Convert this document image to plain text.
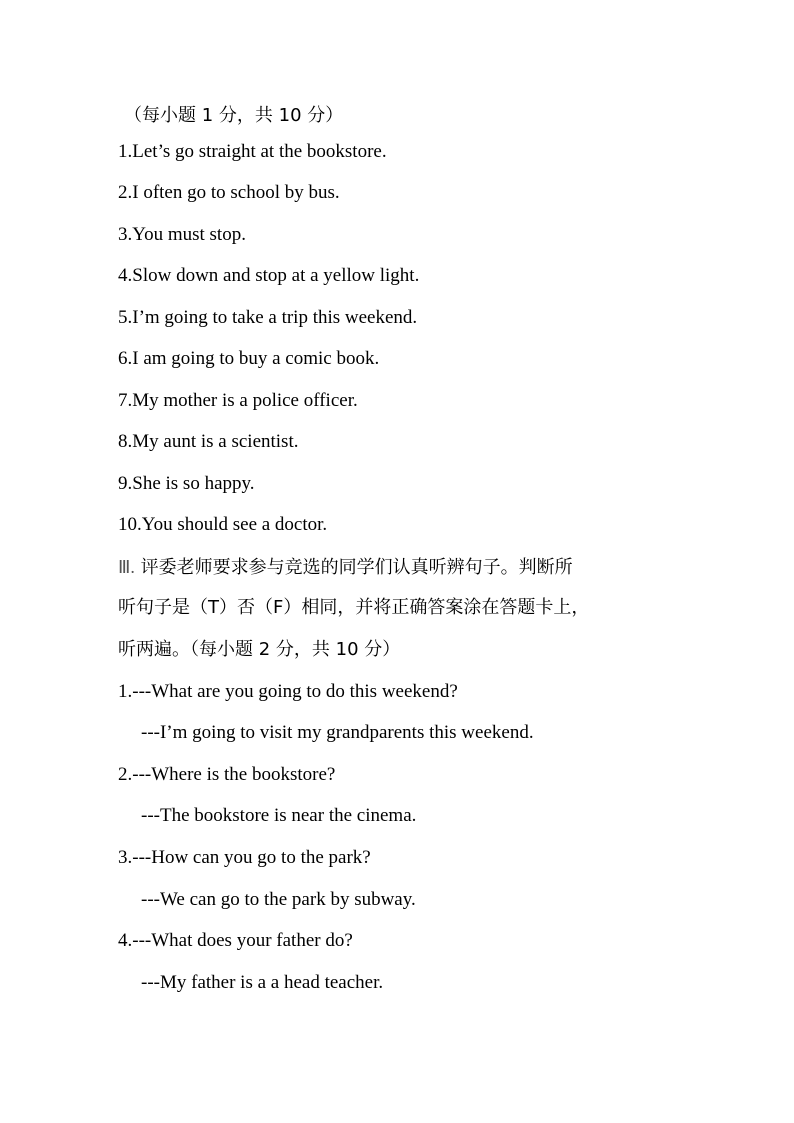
（每小题 1 分，共 10 分）
1.Let’s go straight at the bookstore.
2.I often go to school by bus.
3.You must stop.
4.Slow down and stop at a yellow light.
5.I’m going to take a trip this weekend.
6.I am going to buy a comic book.
7.My mother is a police officer.
8.My aunt is a scientist.
9.She is so happy.
10.You should see a doctor.
Ⅲ. 评委老师要求参与竞选的同学们认真听辨句子。判断所
听句子是（T）否（F）相同，并将正确答案涂在答题卡上，
听两遍。（每小题 2 分，共 10 分）
1.---What are you going to do this weekend?
---I’m going to visit my grandparents this weekend.
2.---Where is the bookstore?
---The bookstore is near the cinema.
3.---How can you go to the park?
---We can go to the park by subway.
4.---What does your father do?
---My father is a a head teacher.
